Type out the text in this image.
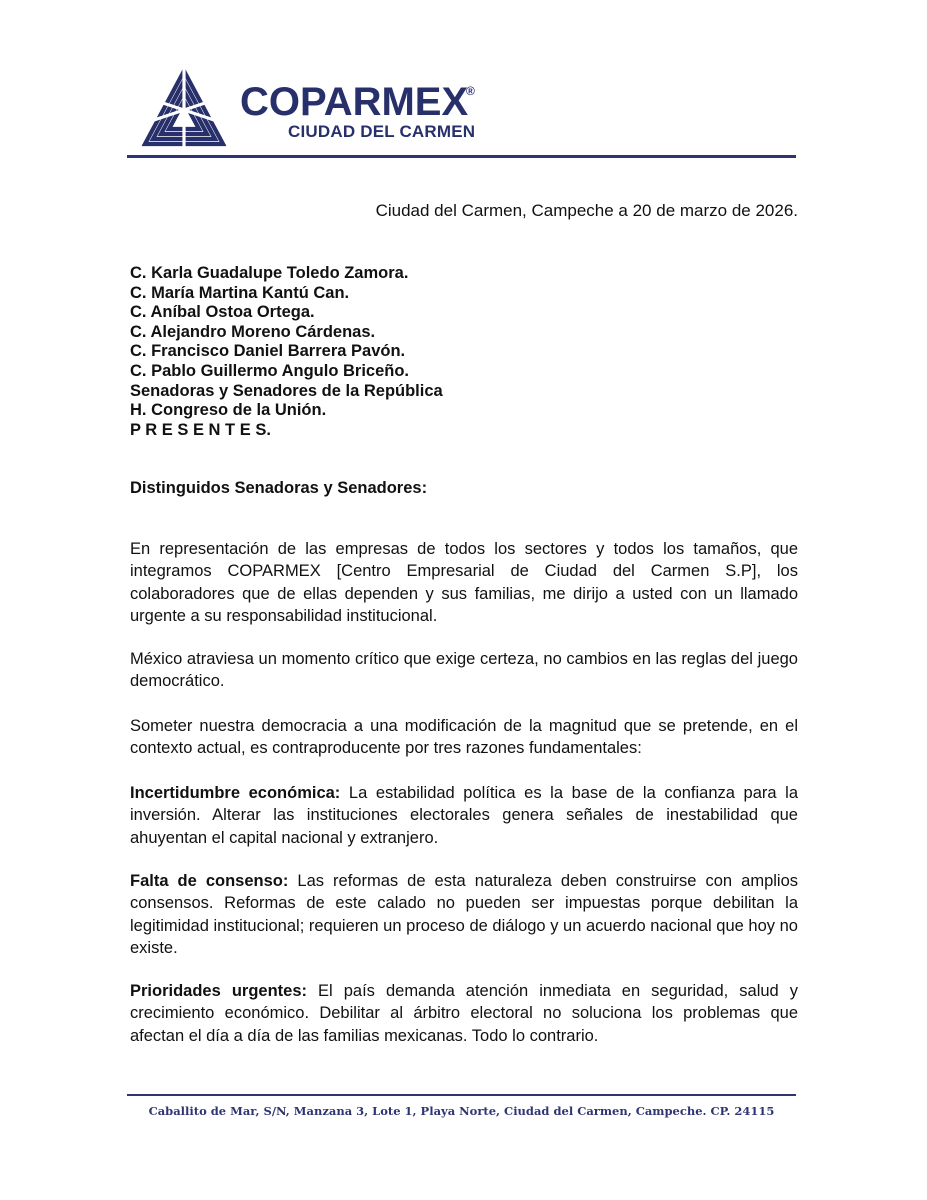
COPARMEX
®
CIUDAD DEL CARMEN
Ciudad del Carmen, Campeche a 20 de marzo de 2026.
C. Karla Guadalupe Toledo Zamora.
C. María Martina Kantú Can.
C. Aníbal Ostoa Ortega.
C. Alejandro Moreno Cárdenas.
C. Francisco Daniel Barrera Pavón.
C. Pablo Guillermo Angulo Briceño.
Senadoras y Senadores de la República
H. Congreso de la Unión.
P R E S E N T E S.
Distinguidos Senadoras y Senadores:
En representación de las empresas de todos los sectores y todos los tamaños, que integramos COPARMEX [Centro Empresarial de Ciudad del Carmen S.P], los colaboradores que de ellas dependen y sus familias, me dirijo a usted con un llamado urgente a su responsabilidad institucional.
México atraviesa un momento crítico que exige certeza, no cambios en las reglas del juego democrático.
Someter nuestra democracia a una modificación de la magnitud que se pretende, en el contexto actual, es contraproducente por tres razones fundamentales:
Incertidumbre económica: La estabilidad política es la base de la confianza para la inversión. Alterar las instituciones electorales genera señales de inestabilidad que ahuyentan el capital nacional y extranjero.
Falta de consenso: Las reformas de esta naturaleza deben construirse con amplios consensos. Reformas de este calado no pueden ser impuestas porque debilitan la legitimidad institucional; requieren un proceso de diálogo y un acuerdo nacional que hoy no existe.
Prioridades urgentes: El país demanda atención inmediata en seguridad, salud y crecimiento económico. Debilitar al árbitro electoral no soluciona los problemas que afectan el día a día de las familias mexicanas. Todo lo contrario.
Caballito de Mar, S/N, Manzana 3, Lote 1, Playa Norte, Ciudad del Carmen, Campeche. CP. 24115
